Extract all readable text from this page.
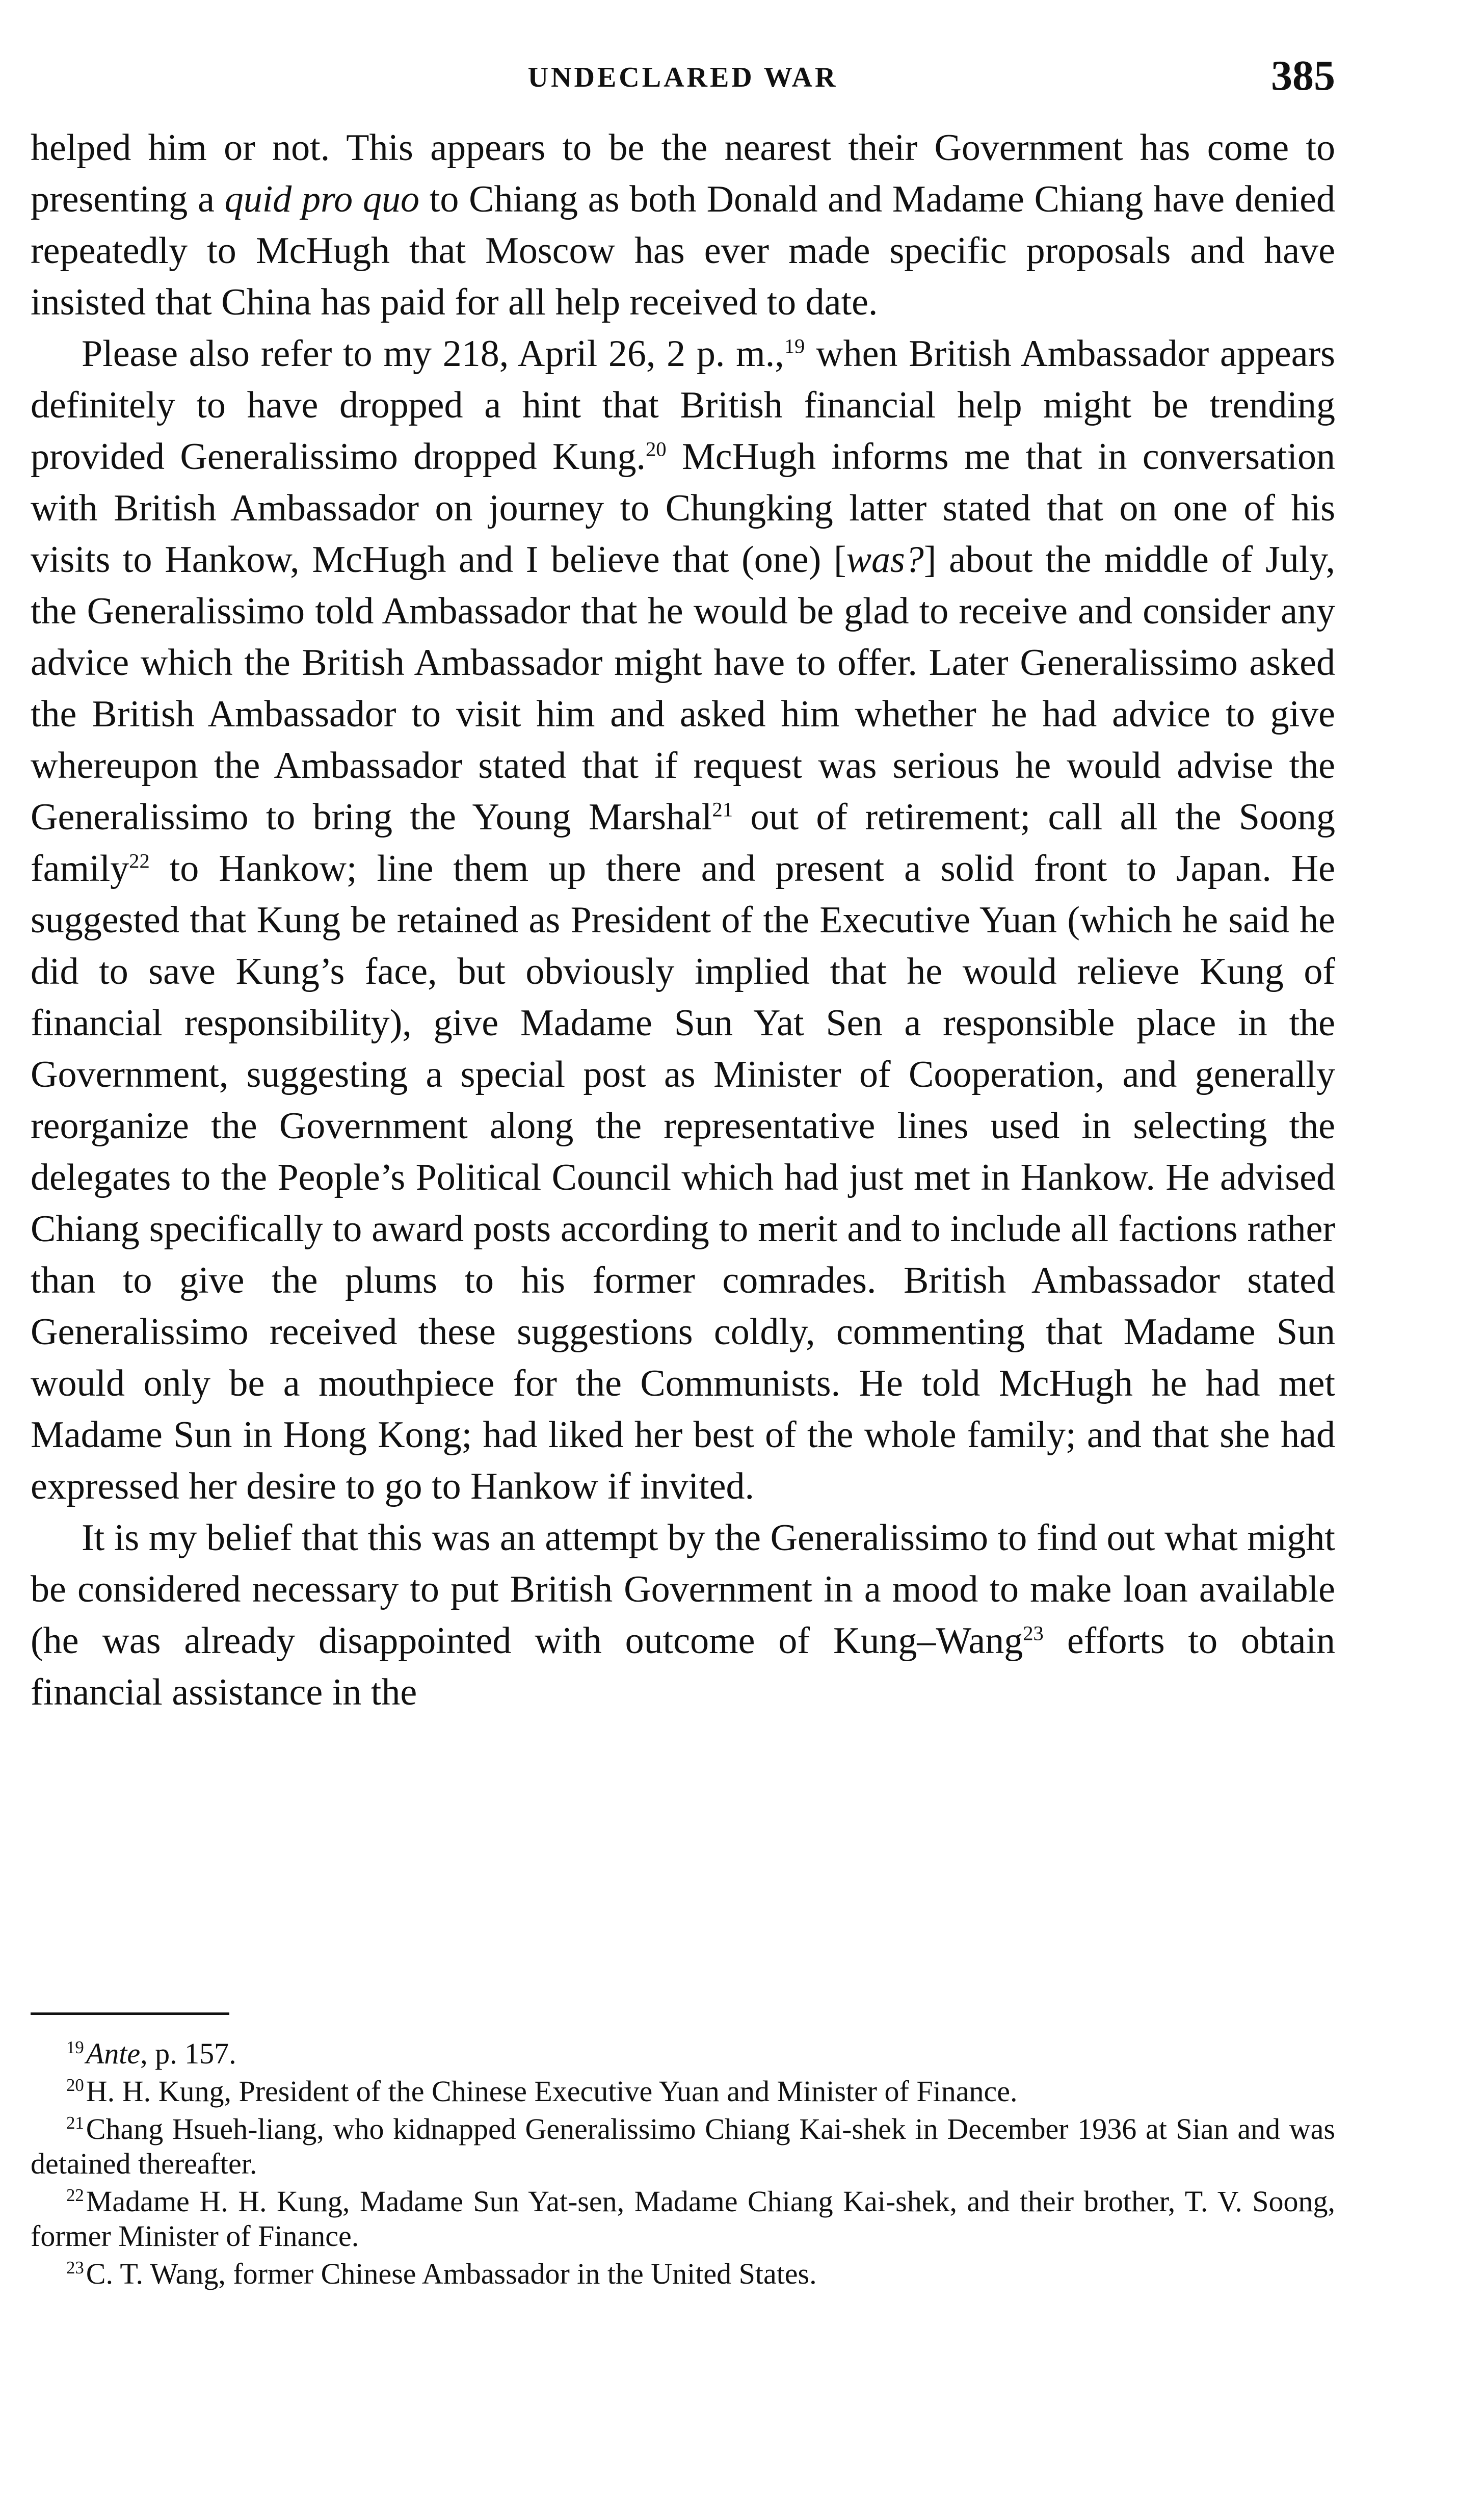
UNDECLARED WAR	385

helped him or not. This appears to be the nearest their Government has come to presenting a quid pro quo to Chiang as both Donald and Madame Chiang have denied repeatedly to McHugh that Moscow has ever made specific proposals and have insisted that China has paid for all help received to date.

Please also refer to my 218, April 26, 2 p. m.,$^{19}$ when British Ambassador appears definitely to have dropped a hint that British financial help might be trending provided Generalissimo dropped Kung.$^{20}$ McHugh informs me that in conversation with British Ambassador on journey to Chungking latter stated that on one of his visits to Hankow, McHugh and I believe that (one) [was?] about the middle of July, the Generalissimo told Ambassador that he would be glad to receive and consider any advice which the British Ambassador might have to offer. Later Generalissimo asked the British Ambassador to visit him and asked him whether he had advice to give whereupon the Ambassador stated that if request was serious he would advise the Generalissimo to bring the Young Marshal$^{21}$ out of retirement; call all the Soong family$^{22}$ to Hankow; line them up there and present a solid front to Japan. He suggested that Kung be retained as President of the Executive Yuan (which he said he did to save Kung’s face, but obviously implied that he would relieve Kung of financial responsibility), give Madame Sun Yat Sen a responsible place in the Government, suggesting a special post as Minister of Cooperation, and generally reorganize the Government along the representative lines used in selecting the delegates to the People’s Political Council which had just met in Hankow. He advised Chiang specifically to award posts according to merit and to include all factions rather than to give the plums to his former comrades. British Ambassador stated Generalissimo received these suggestions coldly, commenting that Madame Sun would only be a mouthpiece for the Communists. He told McHugh he had met Madame Sun in Hong Kong; had liked her best of the whole family; and that she had expressed her desire to go to Hankow if invited.

It is my belief that this was an attempt by the Generalissimo to find out what might be considered necessary to put British Government in a mood to make loan available (he was already disappointed with outcome of Kung–Wang$^{23}$ efforts to obtain financial assistance in the

$^{19}$Ante, p. 157.

$^{20}$H. H. Kung, President of the Chinese Executive Yuan and Minister of Finance.

$^{21}$Chang Hsueh-liang, who kidnapped Generalissimo Chiang Kai-shek in December 1936 at Sian and was detained thereafter.

$^{22}$Madame H. H. Kung, Madame Sun Yat-sen, Madame Chiang Kai-shek, and their brother, T. V. Soong, former Minister of Finance.

$^{23}$C. T. Wang, former Chinese Ambassador in the United States.
